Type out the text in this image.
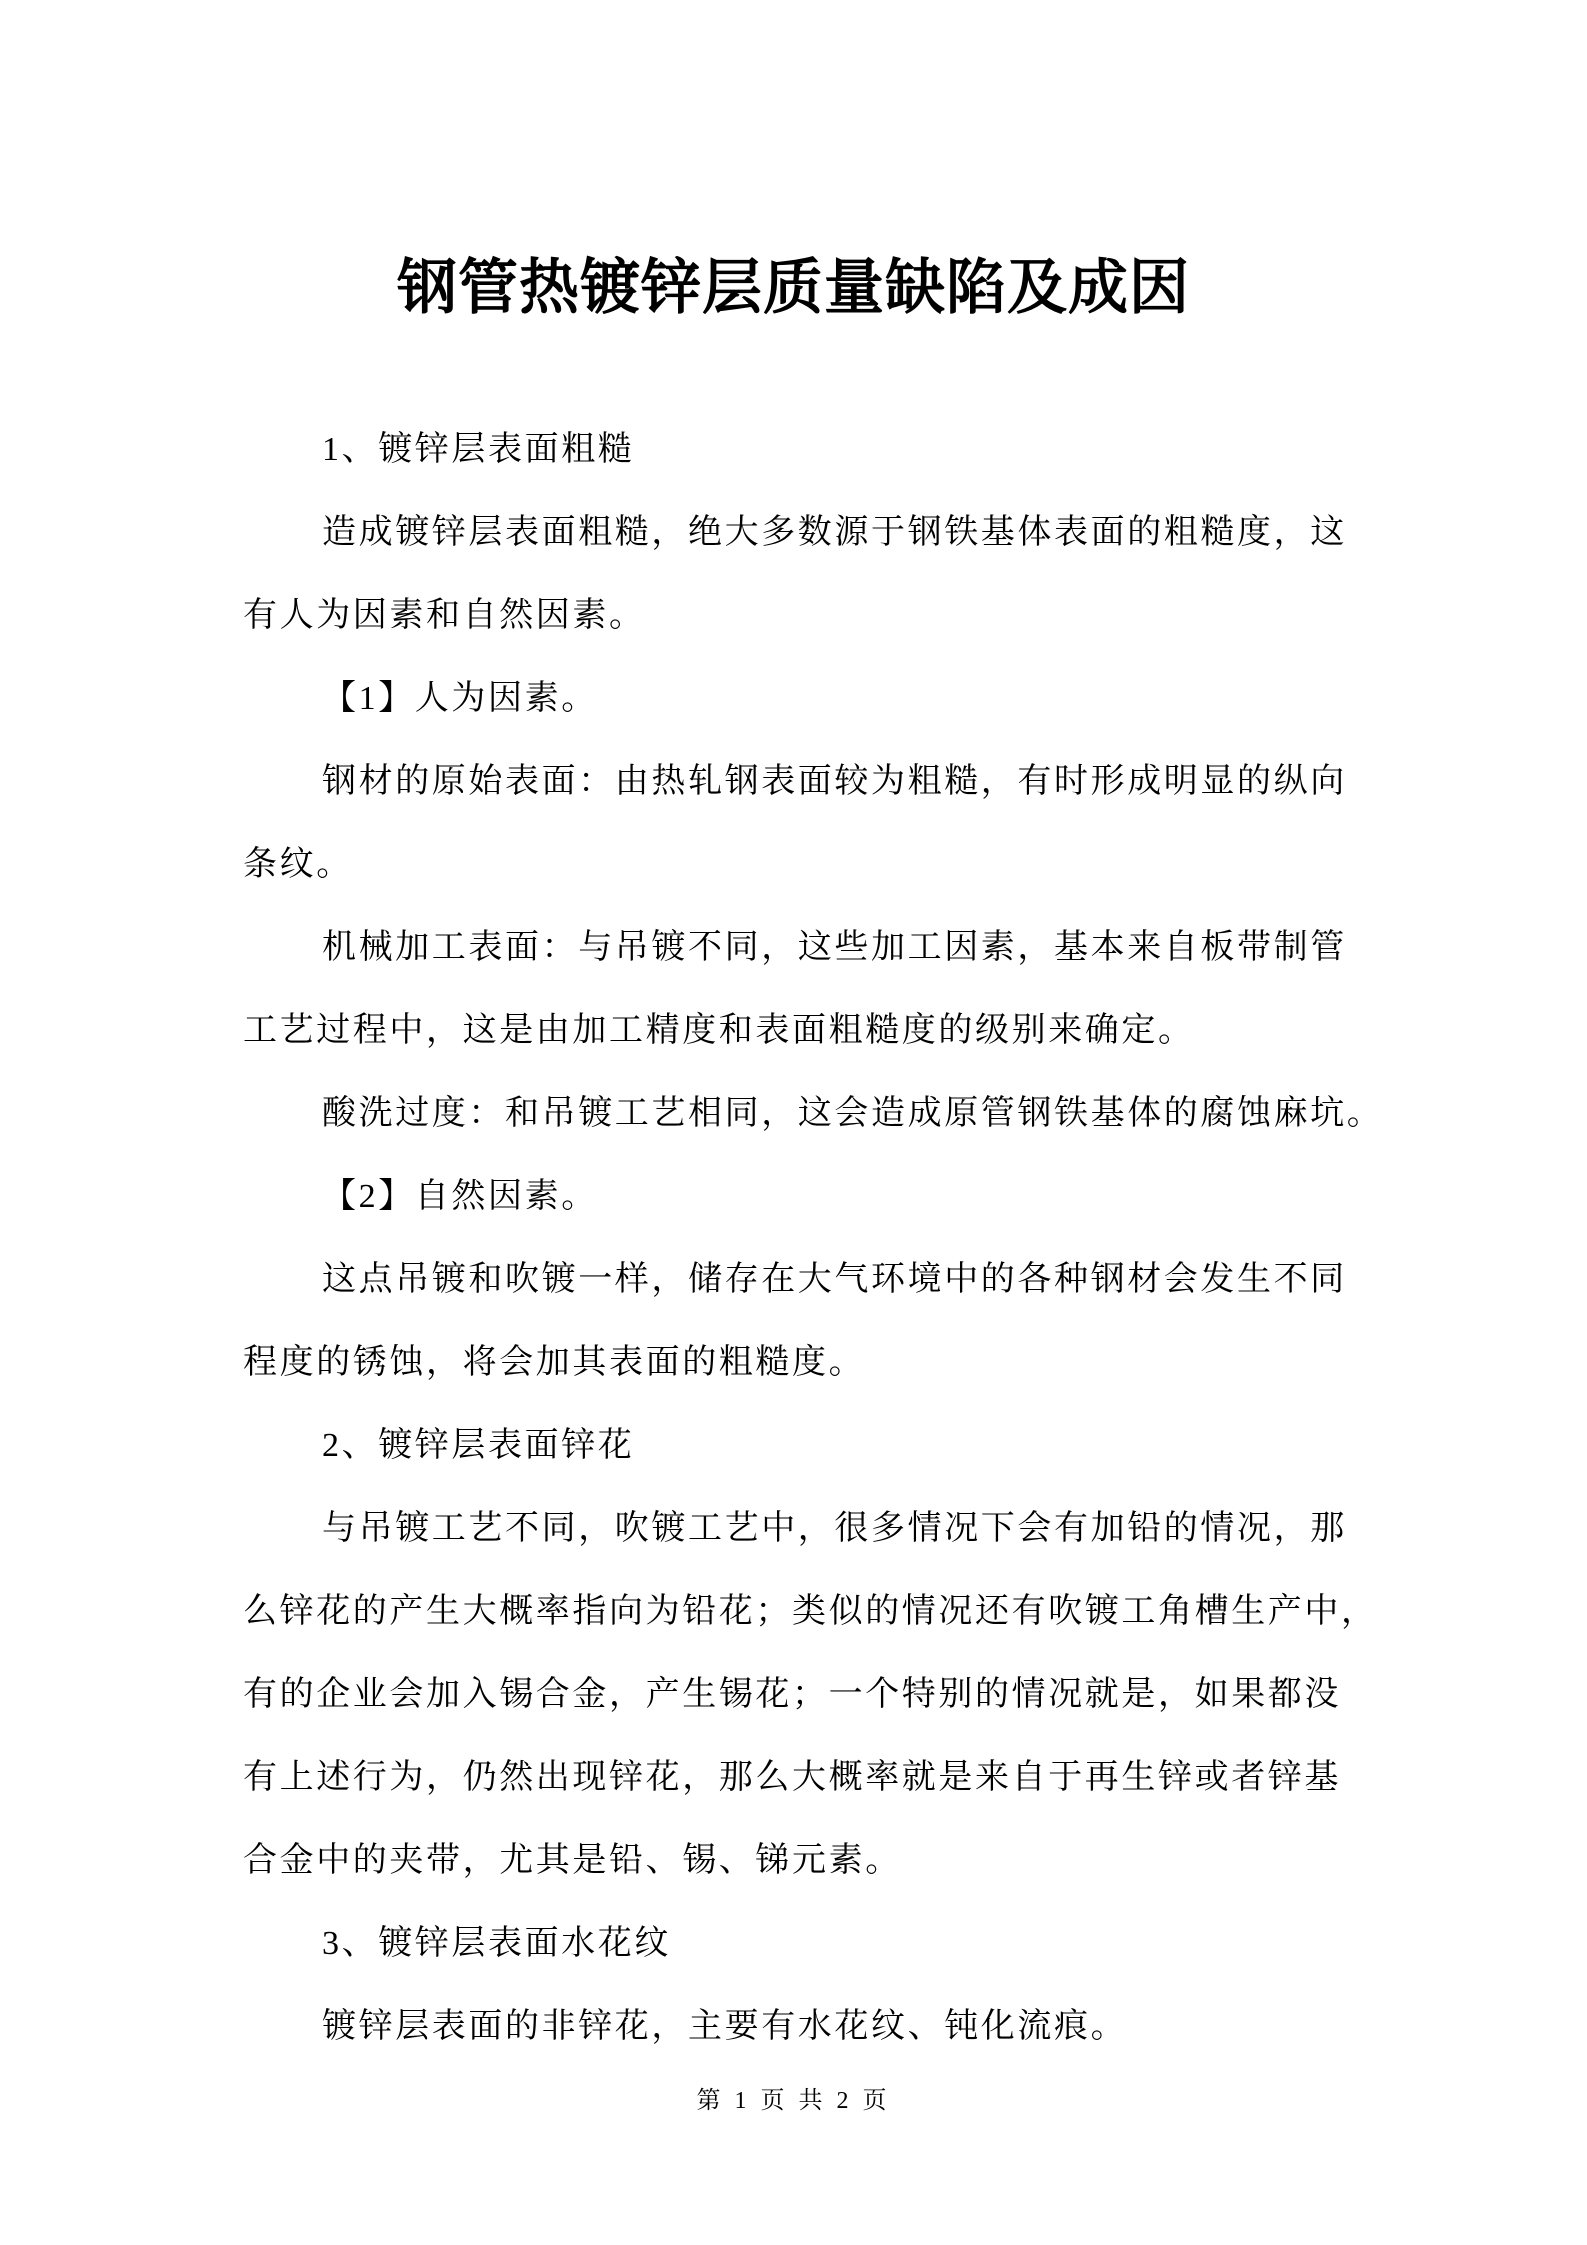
钢管热镀锌层质量缺陷及成因
1、镀锌层表面粗糙
造成镀锌层表面粗糙，绝大多数源于钢铁基体表面的粗糙度，这
有人为因素和自然因素。
【1】人为因素。
钢材的原始表面：由热轧钢表面较为粗糙，有时形成明显的纵向
条纹。
机械加工表面：与吊镀不同，这些加工因素，基本来自板带制管
工艺过程中，这是由加工精度和表面粗糙度的级别来确定。
酸洗过度：和吊镀工艺相同，这会造成原管钢铁基体的腐蚀麻坑。
【2】自然因素。
这点吊镀和吹镀一样，储存在大气环境中的各种钢材会发生不同
程度的锈蚀，将会加其表面的粗糙度。
2、镀锌层表面锌花
与吊镀工艺不同，吹镀工艺中，很多情况下会有加铅的情况，那
么锌花的产生大概率指向为铅花；类似的情况还有吹镀工角槽生产中，
有的企业会加入锡合金，产生锡花；一个特别的情况就是，如果都没
有上述行为，仍然出现锌花，那么大概率就是来自于再生锌或者锌基
合金中的夹带，尤其是铅、锡、锑元素。
3、镀锌层表面水花纹
镀锌层表面的非锌花，主要有水花纹、钝化流痕。
第 1 页 共 2 页
